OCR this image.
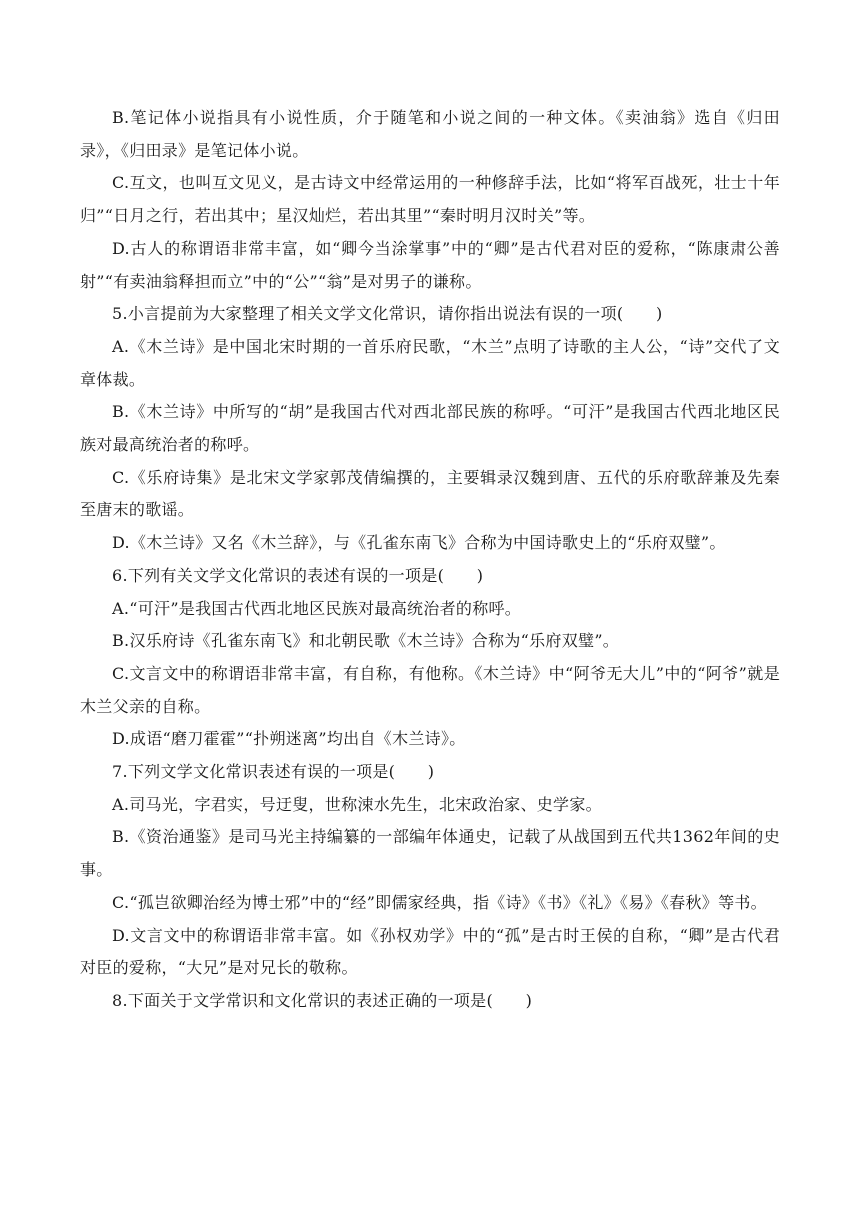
B.笔记体小说指具有小说性质，介于随笔和小说之间的一种文体。《卖油翁》选自《归田录》，《归田录》是笔记体小说。

C.互文，也叫互文见义，是古诗文中经常运用的一种修辞手法，比如“将军百战死，壮士十年归”“日月之行，若出其中；星汉灿烂，若出其里”“秦时明月汉时关”等。

D.古人的称谓语非常丰富，如“卿今当涂掌事”中的“卿”是古代君对臣的爱称，“陈康肃公善射”“有卖油翁释担而立”中的“公”“翁”是对男子的谦称。

5.小言提前为大家整理了相关文学文化常识，请你指出说法有误的一项(　　)

A.《木兰诗》是中国北宋时期的一首乐府民歌，“木兰”点明了诗歌的主人公，“诗”交代了文章体裁。

B.《木兰诗》中所写的“胡”是我国古代对西北部民族的称呼。“可汗”是我国古代西北地区民族对最高统治者的称呼。

C.《乐府诗集》是北宋文学家郭茂倩编撰的，主要辑录汉魏到唐、五代的乐府歌辞兼及先秦至唐末的歌谣。

D.《木兰诗》又名《木兰辞》，与《孔雀东南飞》合称为中国诗歌史上的“乐府双璧”。

6.下列有关文学文化常识的表述有误的一项是(　　)

A.“可汗”是我国古代西北地区民族对最高统治者的称呼。

B.汉乐府诗《孔雀东南飞》和北朝民歌《木兰诗》合称为“乐府双璧”。

C.文言文中的称谓语非常丰富，有自称，有他称。《木兰诗》中“阿爷无大儿”中的“阿爷”就是木兰父亲的自称。

D.成语“磨刀霍霍”“扑朔迷离”均出自《木兰诗》。

7.下列文学文化常识表述有误的一项是(　　)

A.司马光，字君实，号迂叟，世称涑水先生，北宋政治家、史学家。

B.《资治通鉴》是司马光主持编纂的一部编年体通史，记载了从战国到五代共1362年间的史事。

C.“孤岂欲卿治经为博士邪”中的“经”即儒家经典，指《诗》《书》《礼》《易》《春秋》等书。

D.文言文中的称谓语非常丰富。如《孙权劝学》中的“孤”是古时王侯的自称，“卿”是古代君对臣的爱称，“大兄”是对兄长的敬称。

8.下面关于文学常识和文化常识的表述正确的一项是(　　)
